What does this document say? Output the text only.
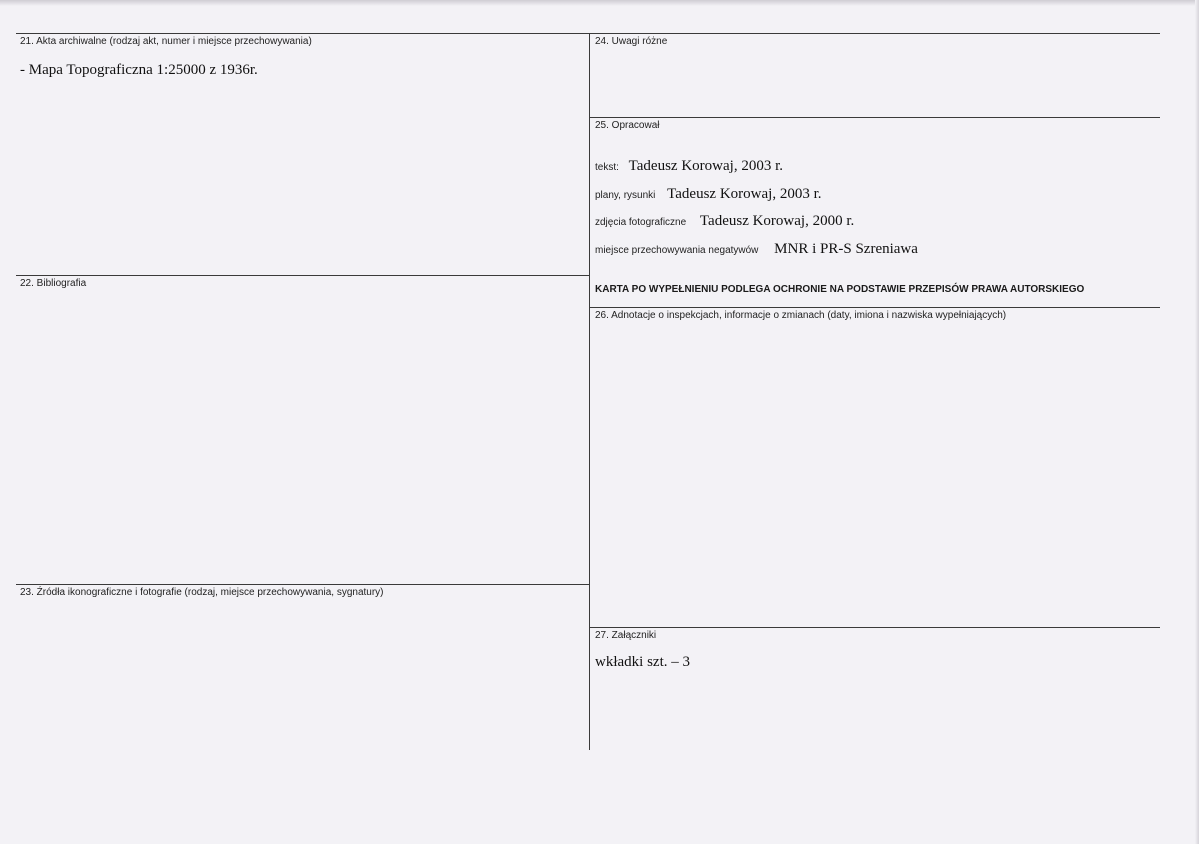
21. Akta archiwalne (rodzaj akt, numer i miejsce przechowywania)
- Mapa Topograficzna 1:25000 z 1936r.
22. Bibliografia
23. Źródła ikonograficzne i fotografie (rodzaj, miejsce przechowywania, sygnatury)
24. Uwagi różne
25. Opracował
tekst: Tadeusz Korowaj, 2003 r.
plany, rysunki Tadeusz Korowaj, 2003 r.
zdjęcia fotograficzne Tadeusz Korowaj, 2000 r.
miejsce przechowywania negatywów MNR i PR-S Szreniawa
KARTA PO WYPEŁNIENIU PODLEGA OCHRONIE NA PODSTAWIE PRZEPISÓW PRAWA AUTORSKIEGO
26. Adnotacje o inspekcjach, informacje o zmianach (daty, imiona i nazwiska wypełniających)
27. Załączniki
wkładki szt. – 3
